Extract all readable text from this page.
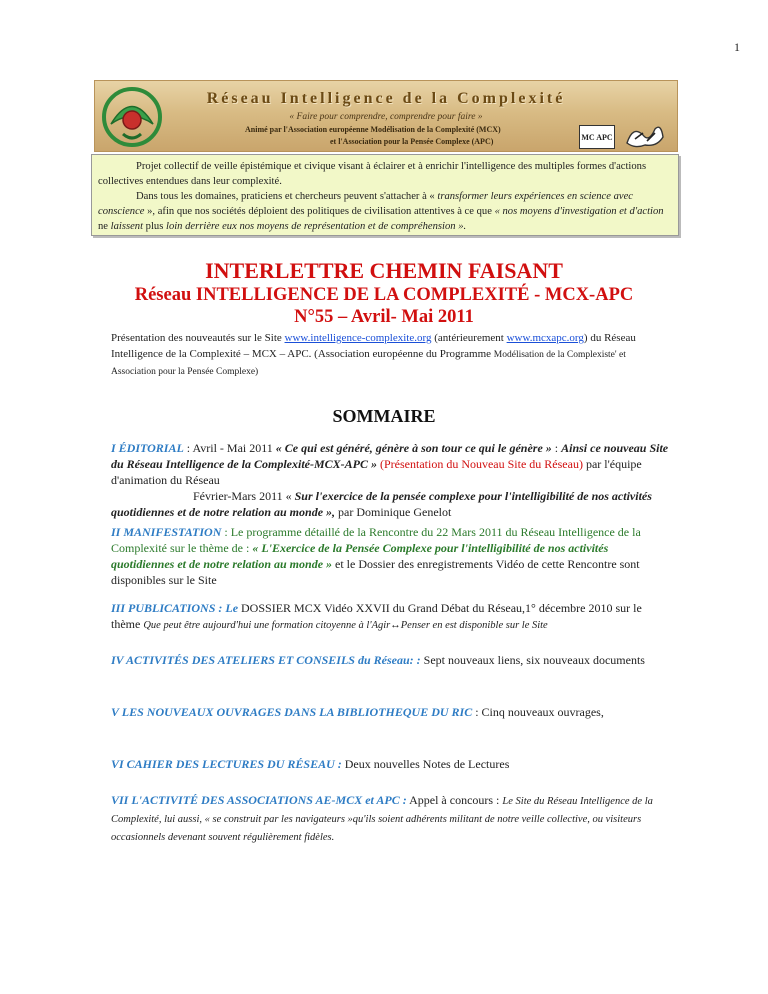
1
Réseau Intelligence de la Complexité
« Faire pour comprendre, comprendre pour faire »
Animé par l'Association européenne Modélisation de la Complexité (MCX)
et l'Association pour la Pensée Complexe (APC)	MC APC

Projet collectif de veille épistémique et civique visant à éclairer et à enrichir l'intelligence des multiples formes d'actions collectives entendues dans leur complexité.

Dans tous les domaines, praticiens et chercheurs peuvent s'attacher à « transformer leurs expériences en science avec conscience », afin que nos sociétés déploient des politiques de civilisation attentives à ce que « nos moyens d'investigation et d'action ne laissent plus loin derrière eux nos moyens de représentation et de compréhension ».

INTERLETTRE CHEMIN FAISANT
Réseau INTELLIGENCE DE LA COMPLEXITÉ - MCX-APC
N°55 – Avril- Mai 2011
Présentation des nouveautés sur le Site www.intelligence-complexite.org (antérieurement www.mcxapc.org) du Réseau Intelligence de la Complexité – MCX – APC. (Association européenne du Programme Modélisation de la Complexiste' et Association pour la Pensée Complexe)
SOMMAIRE
I ÉDITORIAL : Avril - Mai 2011 « Ce qui est généré, génère à son tour ce qui le génère » : Ainsi ce nouveau Site du Réseau Intelligence de la Complexité-MCX-APC » (Présentation du Nouveau Site du Réseau) par l'équipe d'animation du Réseau
Février-Mars 2011 « Sur l'exercice de la pensée complexe pour l'intelligibilité de nos activités quotidiennes et de notre relation au monde », par Dominique Genelot
II MANIFESTATION : Le programme détaillé de la Rencontre du 22 Mars 2011 du Réseau Intelligence de la Complexité sur le thème de : « L'Exercice de la Pensée Complexe pour l'intelligibilité de nos activités quotidiennes et de notre relation au monde » et le Dossier des enregistrements Vidéo de cette Rencontre sont disponibles sur le Site
III PUBLICATIONS : Le DOSSIER MCX Vidéo XXVII du Grand Débat du Réseau,1° décembre 2010 sur le thème Que peut être aujourd'hui une formation citoyenne à l'Agir↔Penser en est disponible sur le Site
IV ACTIVITÉS DES ATELIERS ET CONSEILS du Réseau: : Sept nouveaux liens, six nouveaux documents
V LES NOUVEAUX OUVRAGES DANS LA BIBLIOTHEQUE DU RIC : Cinq nouveaux ouvrages,
VI CAHIER DES LECTURES DU RÉSEAU : Deux nouvelles Notes de Lectures
VII L'ACTIVITÉ DES ASSOCIATIONS AE-MCX et APC : Appel à concours : Le Site du Réseau Intelligence de la Complexité, lui aussi, « se construit par les navigateurs »qu'ils soient adhérents militant de notre veille collective, ou visiteurs occasionnels devenant souvent régulièrement fidèles.
